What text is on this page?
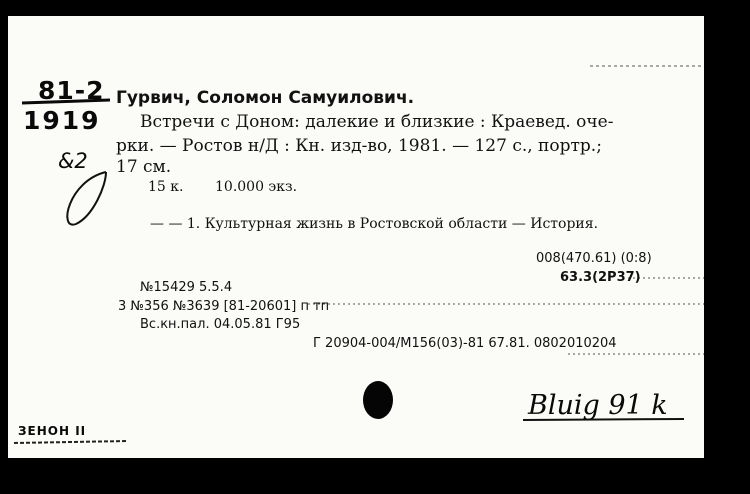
81-2
1919
Гурвич, Соломон Самуилович.
Встречи с Доном: далекие и близкие : Краевед. оче-
рки. — Ростов н/Д : Кн. изд-во, 1981. — 127 с., портр.;
17 см.
&2
15 к. 10.000 экз.
— — 1. Культурная жизнь в Ростовской области — История.
008(470.61) (0:8)
63.3(2Р37)
№15429 5.5.4
3 №356 №3639 [81-20601] п тп
Вс.кн.пал. 04.05.81 Г95
Г 20904-004/М156(03)-81 67.81. 0802010204
Bluig 91 k
ЗЕНОН II
